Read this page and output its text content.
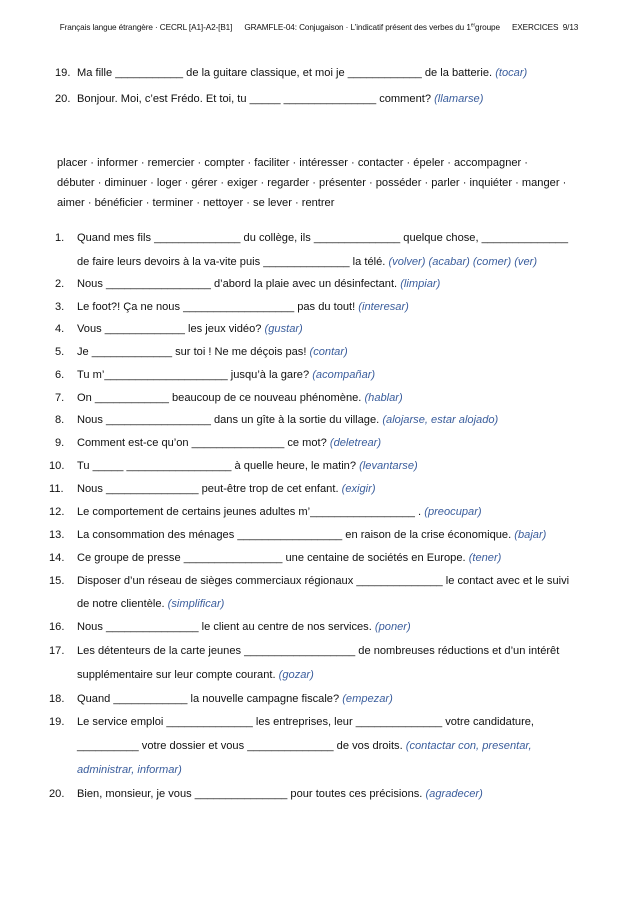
Français langue étrangère · CECRL [A1]-A2-[B1] GRAMFLE-04: Conjugaison · L’indicatif présent des verbes du 1ergroupe EXERCICES 9/13
19. Ma fille ___________ de la guitare classique, et moi je ____________ de la batterie. (tocar)
20. Bonjour. Moi, c’est Frédo. Et toi, tu _____ _______________ comment? (llamarse)
placer · informer · remercier · compter · faciliter · intéresser · contacter · épeler · accompagner ·
débuter · diminuer · loger · gérer · exiger · regarder · présenter · posséder · parler · inquiéter · manger ·
aimer · bénéficier · terminer · nettoyer · se lever · rentrer
1. Quand mes fils ______________ du collège, ils ______________ quelque chose, ______________
de faire leurs devoirs à la va-vite puis ______________ la télé. (volver) (acabar) (comer) (ver)
2. Nous _________________ d’abord la plaie avec un désinfectant. (limpiar)
3. Le foot?! Ça ne nous __________________ pas du tout! (interesar)
4. Vous _____________ les jeux vidéo? (gustar)
5. Je _____________ sur toi ! Ne me déçois pas! (contar)
6. Tu m’____________________ jusqu’à la gare? (acompañar)
7. On ____________ beaucoup de ce nouveau phénomène. (hablar)
8. Nous _________________ dans un gîte à la sortie du village. (alojarse, estar alojado)
9. Comment est-ce qu’on _______________ ce mot? (deletrear)
10. Tu _____ _________________ à quelle heure, le matin? (levantarse)
11. Nous _______________ peut-être trop de cet enfant. (exigir)
12. Le comportement de certains jeunes adultes m’_________________ . (preocupar)
13. La consommation des ménages _________________ en raison de la crise économique. (bajar)
14. Ce groupe de presse ________________ une centaine de sociétés en Europe. (tener)
15. Disposer d’un réseau de sièges commerciaux régionaux ______________ le contact avec et le suivi
de notre clientèle. (simplificar)
16. Nous _______________ le client au centre de nos services. (poner)
17. Les détenteurs de la carte jeunes __________________ de nombreuses réductions et d’un intérêt
supplémentaire sur leur compte courant. (gozar)
18. Quand ____________ la nouvelle campagne fiscale? (empezar)
19. Le service emploi ______________ les entreprises, leur ______________ votre candidature,
__________ votre dossier et vous ______________ de vos droits. (contactar con, presentar,
administrar, informar)
20. Bien, monsieur, je vous _______________ pour toutes ces précisions. (agradecer)
